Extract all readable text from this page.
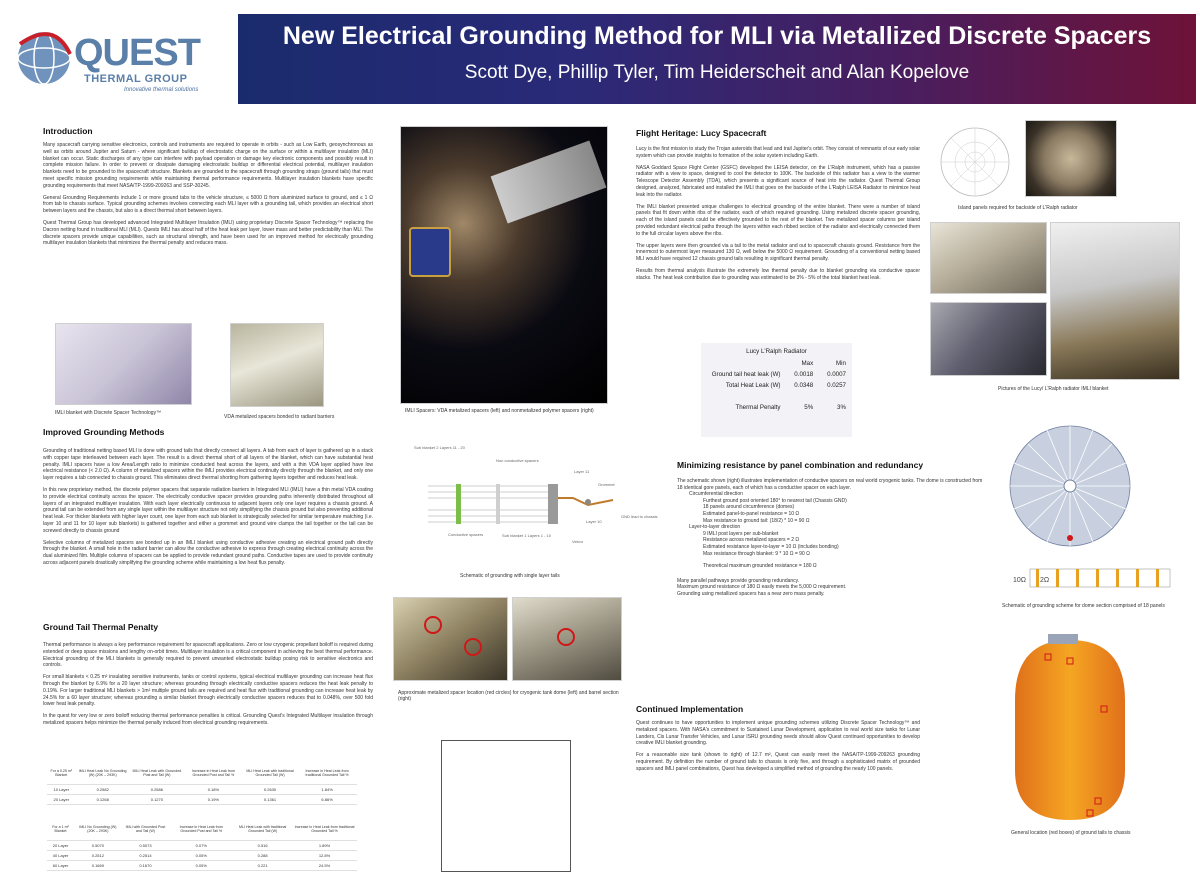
QUEST
THERMAL GROUP
Innovative thermal solutions
New Electrical Grounding Method for MLI via Metallized Discrete Spacers
Scott Dye, Phillip Tyler, Tim Heiderscheit and Alan Kopelove
Introduction

Many spacecraft carrying sensitive electronics, controls and instruments are required to operate in orbits - such as Low Earth, geosynchronous as well as orbits around Jupiter and Saturn - where significant buildup of electrostatic charge on the surface or within a multilayer insulation (MLI) blanket can occur. Static discharges of any type can interfere with payload operation or damage key electronic components and possibly result in complete mission failure. In order to prevent or dissipate damaging electrostatic buildup or differential electrical potential, multilayer insulation blankets need to be grounded to the spacecraft structure. Blankets are grounded to the spacecraft through grounding straps (ground tails) that must meet specific mission grounding requirements while maintaining thermal performance requirements. Multilayer insulation blankets have specific grounding requirements that meet NASA/TP-1999-209263 and SSP-30245.

General Grounding Requirements include 1 or more ground tabs to the vehicle structure, ≤ 5000 Ω from aluminized surface to ground, and ≤ 1 Ω from tab to chassis surface. Typical grounding schemes involves connecting each MLI layer with a grounding tail, which provides an electrical short between layers and the chassis, but also is a direct thermal short between layers.

Quest Thermal Group has developed advanced Integrated Multilayer Insulation (IMLI) using proprietary Discrete Spacer Technology™ replacing the Dacron netting found in traditional MLI (MLI). Quests IMLI has about half of the heat leak per layer, lower mass and better predictability than MLI. The discrete spacers provide unique capabilities, such as structural strength, and have been used for an improved method for electrically grounding multilayer insulation blankets that minimizes the thermal penalty and reduces mass.

IMLI blanket with Discrete Spacer Technology™
VDA metalized spacers bonded to radiant barriers
Improved Grounding Methods

Grounding of traditional netting based MLI is done with ground tails that directly connect all layers. A tab from each of layer is gathered up in a stack with copper tape interleaved between each layer. The result is a direct thermal short of all layers of the blanket, which can have substantial heat penalty. IMLI spacers have a low Area/Length ratio to minimize conducted heat across the layers, and with a thin VDA layer applied have low electrical resistance (< 2.0 Ω). A column of metalized spacers within the IMLI provides electrical continuity directly through the blanket, and only one layer requires a tab connected to chassis ground. This eliminates direct thermal shorting from gathering layers together and reduces heat leak.

In this new proprietary method, the discrete polymer spacers that separate radiation barriers in Integrated MLI (IMLI) have a thin metal VDA coating to provide electrical continuity across the spacer. The electrically conductive spacer provides grounding paths inherently distributed throughout all layers of an integrated multilayer insulation. With each layer electrically continuous to adjacent layers only one layer requires a chassis ground. A ground tail can be extended from any single layer within the multilayer structure not only simplifying the chassis ground but also preventing additional heat leak. For thicker blankets with higher layer count, one layer from each sub blanket is strategically selected for similar temperature matching (i.e. layer 10 and 11 for 10 layer sub blankets) is gathered together and either a grommet and ground wire clamps the tail together or the tail can be screwed directly to chassis ground

Selective columns of metalized spacers are bonded up in an IMLI blanket using conductive adhesive creating an electrical ground path directly through the blanket. A small hole in the radiant barrier can allow the conductive adhesive to express through creating electrical continuity across the dual aluminized film. Multiple columns of spacers can be applied to provide redundant ground paths. Conductive tapes are used to provide continuity across adjacent panels drastically simplifying the grounding scheme while maintaining a low heat flux penalty.

Ground Tail Thermal Penalty

Thermal performance is always a key performance requirement for spacecraft applications. Zero or low cryogenic propellant boiloff is required during extended or deep space missions and lengthy on-orbit times. Multilayer insulation is a critical component in achieving the best thermal performance. Electrical grounding of the MLI blankets is generally required to prevent unwanted electrostatic buildup posing risk to sensitive electronics and controls.

For small blankets < 0.25 m² insulating sensitive instruments, tanks or control systems, typical electrical multilayer grounding can increase heat flux through the blanket by 6.9% for a 20 layer structure; whereas grounding through electrically conductive spacers reduces the heat leak penalty to 0.19%. For larger traditional MLI blankets > 1m² multiple ground tails are required and heat flux with traditional grounding can increase heat leak by 24.5% for a 60 layer structure; whereas grounding a similar blanket through electrically conductive spacers reduces that to 0.048%, over 500 fold lower heat leak penalty.

In the quest for very low or zero boiloff reducing thermal performance penalties is critical. Grounding Quest's Integrated Multilayer insulation through metalized spacers helps minimize the thermal penalty induced from electrical grounding requirements.

For a 0.25 m² Blanket	IMLI Heat Leak No Grounding (W) (20K – 293K)	IMLI Heat Leak with Grounded Post and Tail (W)	Increase in Heat Leak from Grounded Post and Tail %	MLI Heat Leak with traditional Grounded Tail (W)	Increase in Heat Leak from traditional Grounded Tail %
10 Layer	0.2582	0.2586	0.18%	0.2630	1.84%
20 Layer	0.1268	0.1270	0.19%	0.1361	6.86%
For a 1 m² Blanket	IMLI No Grounding (W) (20K – 293K)	IMLI with Grounded Post and Tail (W)	Increase in Heat Leak from Grounded Post and Tail %	MLI Heat Leak with traditional Grounded Tail (W)	Increase in Heat Leak from traditional Grounded Tail %
20 Layer	0.5070	0.5073	0.07%	0.516	1.89%
40 Layer	0.2512	0.2514	0.05%	0.288	12.8%
60 Layer	0.1669	0.1670	0.05%	0.221	24.5%
IMLI Spacers: VDA metalized spacers (left) and nonmetalized polymer spacers (right)
Sub blanket 2 Layers 11 - 20
Non conductive spacers
Layer 11
Grommet
Layer 10
GND lead to chassis
Conductive spacers	Sub blanket 1 Layers 1 - 10
Velcro
Schematic of grounding with single layer tails
Approximate metalized spacer location (red circles) for cryogenic tank dome (left) and barrel section (right)
Flight Heritage: Lucy Spacecraft

Lucy is the first mission to study the Trojan asteroids that lead and trail Jupiter's orbit. They consist of remnants of our early solar system which can provide insights to formation of the solar system including Earth.

NASA Goddard Space Flight Center (GSFC) developed the LEISA detector, on the L'Ralph instrument, which has a passive radiator with a view to space, designed to cool the detector to 100K. The backside of this radiator has a view to the warmer Telescope Detector Assembly (TDA), which presents a significant source of heat into the radiator. Quest Thermal Group designed, analyzed, fabricated and installed the IMLI that goes on the backside of the L'Ralph LEISA Radiator to minimize heat leak into the radiator.

The IMLI blanket presented unique challenges to electrical grounding of the entire blanket. There were a number of island panels that fit down within ribs of the radiator, each of which required grounding. Using metalized discrete spacer grounding, each of the island panels could be effectively grounded to the rest of the blanket. Two metalized spacer columns per island provided redundant electrical paths through the layers within each ribbed section of the radiator and electrically connected them to the full circular layers above the ribs.

The upper layers were then grounded via a tail to the metal radiator and out to spacecraft chassis ground. Resistance from the innermost to outermost layer measured 130 Ω, well below the 5000 Ω requirement. Grounding of a conventional netting based MLI would have required 12 chassis ground tails resulting in significant thermal penalty.

Results from thermal analysis illustrate the extremely low thermal penalty due to blanket grounding via conductive spacer stacks. The heat leak contribution due to grounding was estimated to be 3% - 5% of the total blanket heat leak.

Lucy L'Ralph Radiator
	Max	Min
Ground tail heat leak (W)	0.0018	0.0007
Total Heat Leak (W)	0.0348	0.0257
Thermal Penalty	5%	3%
Minimizing resistance by panel combination and redundancy
The schematic shown (right) illustrates implementation of conductive spacers on real world cryogenic tanks. The dome is constructed from 18 identical gore panels, each of which has a conductive spacer on each layer.
Circumferential direction
Furthest ground post oriented 180° to nearest tail (Chassis GND)
18 panels around circumference (domes)
Estimated panel-to-panel resistance = 10 Ω
Max resistance to ground tail: (18/2) * 10 = 90 Ω
Layer-to-layer direction
9 IMLI post layers per sub-blanket
Resistance across metalized spacers = 2 Ω
Estimated resistance layer-to-layer = 10 Ω (includes bonding)
Max resistance through blanket: 9 * 10 Ω = 90 Ω
Theoretical maximum grounded resistance = 180 Ω
Many parallel pathways provide grounding redundancy.
Maximum ground resistance of 180 Ω easily meets the 5,000 Ω requirement.
Grounding using metallized spacers has a near zero mass penalty.
Continued Implementation

Quest continues to have opportunities to implement unique grounding schemes utilizing Discrete Spacer Technology™ and metalized spacers. With NASA's commitment to Sustained Lunar Development, application to real world size tanks for Lunar Landers, Cis Lunar Transfer Vehicles, and Lunar ISRU grounding needs should allow Quest continued opportunities to develop creative IMLI blanket grounding.

For a reasonable size tank (shown to right) of 12.7 m², Quest can easily meet the NASA/TP-1999-209263 grounding requirement. By definition the number of ground tails to chassis is only five, and through a sophisticated matrix of grounded spacers and IMLI panel combinations, Quest has developed a simplified method of grounding the nearly 100 panels.

Island panels required for backside of L'Ralph radiator
Pictures of the Lucy/ L'Ralph radiator IMLI blanket
10Ω 2Ω
Schematic of grounding scheme for dome section comprised of 18 panels
General location (red boxes) of ground tails to chassis
